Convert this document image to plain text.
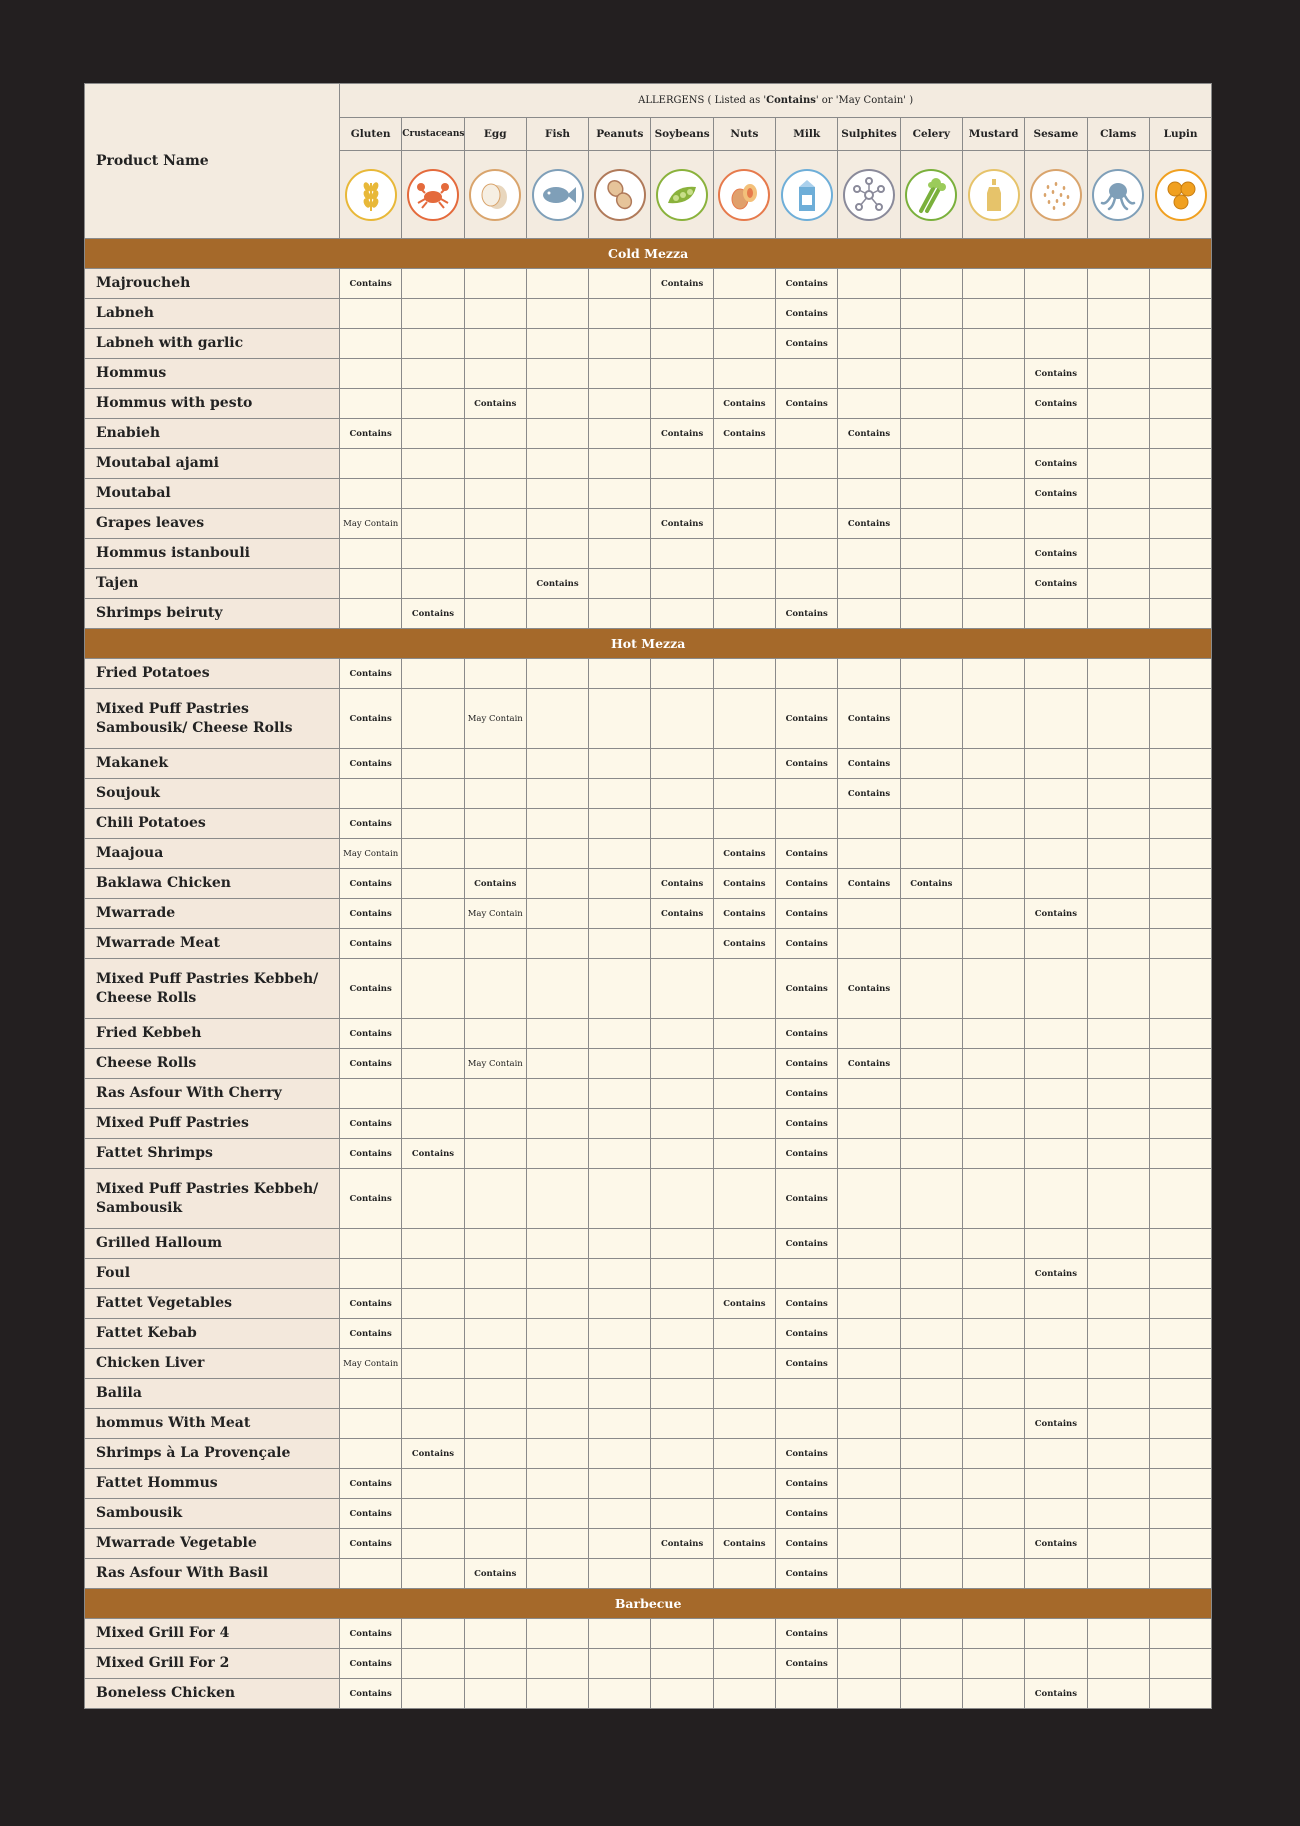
Product Name	ALLERGENS ( Listed as 'Contains' or 'May Contain' )													
	Gluten	Crustaceans	Egg	Fish	Peanuts	Soybeans	Nuts	Milk	Sulphites	Celery	Mustard	Sesame	Clams	Lupin

Cold Mezza														
Majroucheh	Contains					Contains		Contains						
Labneh								Contains						
Labneh with garlic								Contains						
Hommus												Contains		
Hommus with pesto			Contains				Contains	Contains				Contains		
Enabieh	Contains					Contains	Contains		Contains					
Moutabal ajami												Contains		
Moutabal												Contains		
Grapes leaves	May Contain					Contains			Contains					
Hommus istanbouli												Contains		
Tajen				Contains								Contains		
Shrimps beiruty		Contains						Contains						
Hot Mezza														
Fried Potatoes	Contains													
Mixed Puff Pastries Sambousik/ Cheese Rolls	Contains		May Contain					Contains	Contains					
Makanek	Contains							Contains	Contains					
Soujouk									Contains					
Chili Potatoes	Contains													
Maajoua	May Contain						Contains	Contains						
Baklawa Chicken	Contains		Contains			Contains	Contains	Contains	Contains	Contains				
Mwarrade	Contains		May Contain			Contains	Contains	Contains				Contains		
Mwarrade Meat	Contains						Contains	Contains						
Mixed Puff Pastries Kebbeh/ Cheese Rolls	Contains							Contains	Contains					
Fried Kebbeh	Contains							Contains						
Cheese Rolls	Contains		May Contain					Contains	Contains					
Ras Asfour With Cherry								Contains						
Mixed Puff Pastries	Contains							Contains						
Fattet Shrimps	Contains	Contains						Contains						
Mixed Puff Pastries Kebbeh/ Sambousik	Contains							Contains						
Grilled Halloum								Contains						
Foul												Contains		
Fattet Vegetables	Contains						Contains	Contains						
Fattet Kebab	Contains							Contains						
Chicken Liver	May Contain							Contains						
Balila														
hommus With Meat												Contains		
Shrimps à La Provençale		Contains						Contains						
Fattet Hommus	Contains							Contains						
Sambousik	Contains							Contains						
Mwarrade Vegetable	Contains					Contains	Contains	Contains				Contains		
Ras Asfour With Basil			Contains					Contains						
Barbecue														
Mixed Grill For 4	Contains							Contains						
Mixed Grill For 2	Contains							Contains						
Boneless Chicken	Contains											Contains		
